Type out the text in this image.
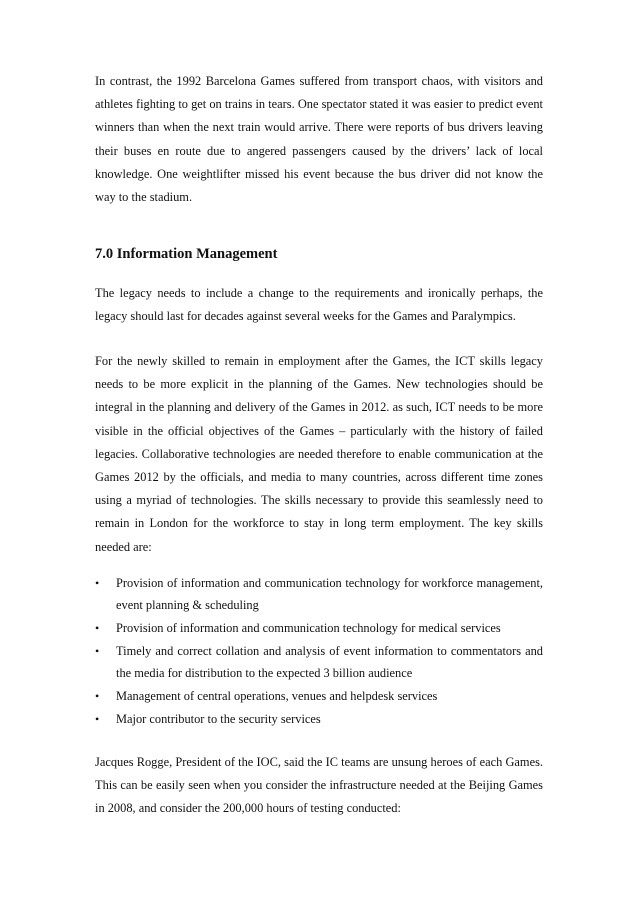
In contrast, the 1992 Barcelona Games suffered from transport chaos, with visitors and athletes fighting to get on trains in tears. One spectator stated it was easier to predict event winners than when the next train would arrive. There were reports of bus drivers leaving their buses en route due to angered passengers caused by the drivers’ lack of local knowledge. One weightlifter missed his event because the bus driver did not know the way to the stadium.

7.0 Information Management

The legacy needs to include a change to the requirements and ironically perhaps, the legacy should last for decades against several weeks for the Games and Paralympics.

For the newly skilled to remain in employment after the Games, the ICT skills legacy needs to be more explicit in the planning of the Games. New technologies should be integral in the planning and delivery of the Games in 2012. as such, ICT needs to be more visible in the official objectives of the Games – particularly with the history of failed legacies. Collaborative technologies are needed therefore to enable communication at the Games 2012 by the officials, and media to many countries, across different time zones using a myriad of technologies. The skills necessary to provide this seamlessly need to remain in London for the workforce to stay in long term employment. The key skills needed are:

• Provision of information and communication technology for workforce management, event planning & scheduling
• Provision of information and communication technology for medical services
• Timely and correct collation and analysis of event information to commentators and the media for distribution to the expected 3 billion audience
• Management of central operations, venues and helpdesk services
• Major contributor to the security services

Jacques Rogge, President of the IOC, said the IC teams are unsung heroes of each Games. This can be easily seen when you consider the infrastructure needed at the Beijing Games in 2008, and consider the 200,000 hours of testing conducted:
